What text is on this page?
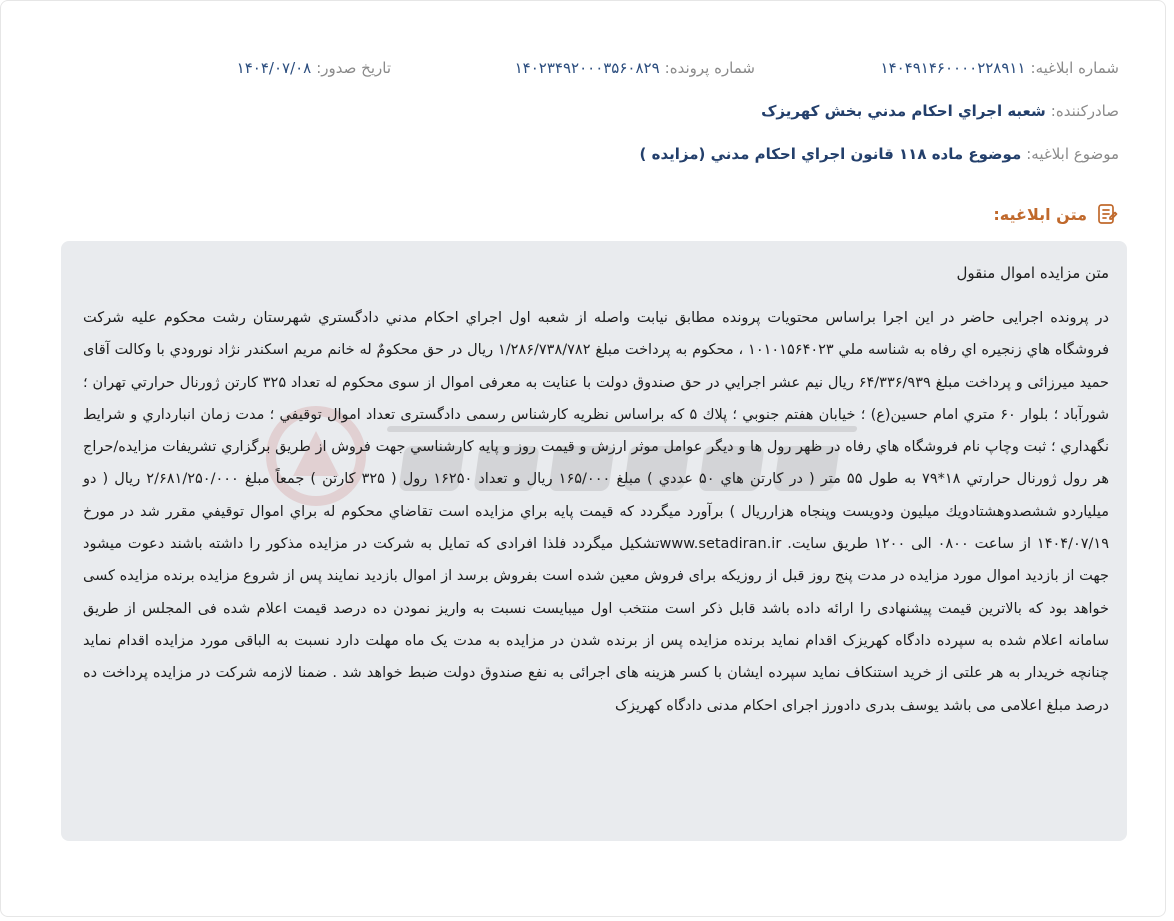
شماره ابلاغيه:
۱۴۰۴۹۱۴۶۰۰۰۰۲۲۸۹۱۱
شماره پرونده:
۱۴۰۲۳۴۹۲۰۰۰۳۵۶۰۸۲۹
تاريخ صدور:
۱۴۰۴/۰۷/۰۸
صادرکننده:
شعبه اجراي احکام مدني بخش کهريزک
موضوع ابلاغيه:
موضوع ماده ۱۱۸ قانون اجراي احکام مدني (مزايده )
متن ابلاغيه:

متن مزايده اموال منقول

در پرونده اجرایی حاضر در این اجرا براساس محتويات پرونده مطابق نيابت واصله از شعبه اول اجراي احکام مدني دادگستري شهرستان رشت محکوم عليه شرکت فروشگاه هاي زنجيره اي رفاه به شناسه ملي ۱۰۱۰۱۵۶۴۰۲۳ ، محکوم به پرداخت مبلغ ۱/۲۸۶/۷۳۸/۷۸۲ ريال در حق محکومٌ له خانم مريم اسکندر نژاد نورودي با وکالت آقای حميد ميرزائی و پرداخت مبلغ ۶۴/۳۳۶/۹۳۹ ريال نيم عشر اجرايي در حق صندوق دولت با عنايت به معرفی اموال از سوی محکوم له تعداد ۳۲۵ کارتن ژورنال حرارتي تهران ؛ شورآباد ؛ بلوار ۶۰ متري امام حسين(ع) ؛ خيابان هفتم جنوبي ؛ پلاك ۵ که براساس نظريه کارشناس رسمی دادگستری تعداد اموال توقيفي ؛ مدت زمان انبارداري و شرايط نگهداري ؛ ثبت وچاپ نام فروشگاه هاي رفاه در ظهر رول ها و ديگر عوامل موثر ارزش و قيمت روز و پايه کارشناسي جهت فروش از طريق برگزاري تشريفات مزايده/حراج هر رول ژورنال حرارتي ۱۸*۷۹ به طول ۵۵ متر ( در کارتن هاي ۵۰ عددي ) مبلغ ۱۶۵/۰۰۰ ريال و تعداد ۱۶۲۵۰ رول ( ۳۲۵ کارتن ) جمعاً مبلغ ۲/۶۸۱/۲۵۰/۰۰۰ ريال ( دو ميلياردو ششصدوهشتادويك ميليون ودويست وپنجاه هزارريال ) برآورد ميگردد که قيمت پايه براي مزايده است تقاضاي محکوم له براي اموال توقيفي مقرر شد در مورخ ۱۴۰۴/۰۷/۱۹ از ساعت ۰۸۰۰ الی ۱۲۰۰ طريق سايت. www.setadiran.irتشکيل ميگردد فلذا افرادی که تمايل به شرکت در مزايده مذکور را داشته باشند دعوت ميشود جهت از بازديد اموال مورد مزايده در مدت پنج روز قبل از روزيکه برای فروش معين شده است بفروش برسد از اموال بازديد نمايند پس از شروع مزايده برنده مزايده کسی خواهد بود که بالاترين قيمت پيشنهادی را ارائه داده باشد قابل ذکر است منتخب اول ميبايست نسبت به واريز نمودن ده درصد قيمت اعلام شده فی المجلس از طريق سامانه اعلام شده به سپرده دادگاه کهريزک اقدام نمايد برنده مزايده پس از برنده شدن در مزايده به مدت يک ماه مهلت دارد نسبت به الباقی مورد مزايده اقدام نمايد چنانچه خريدار به هر علتی از خريد استنکاف نمايد سپرده ايشان با کسر هزينه های اجرائی به نفع صندوق دولت ضبط خواهد شد . ضمنا لازمه شرکت در مزايده پرداخت ده درصد مبلغ اعلامی می باشد يوسف بدری دادورز اجرای احکام مدنی دادگاه کهريزک
